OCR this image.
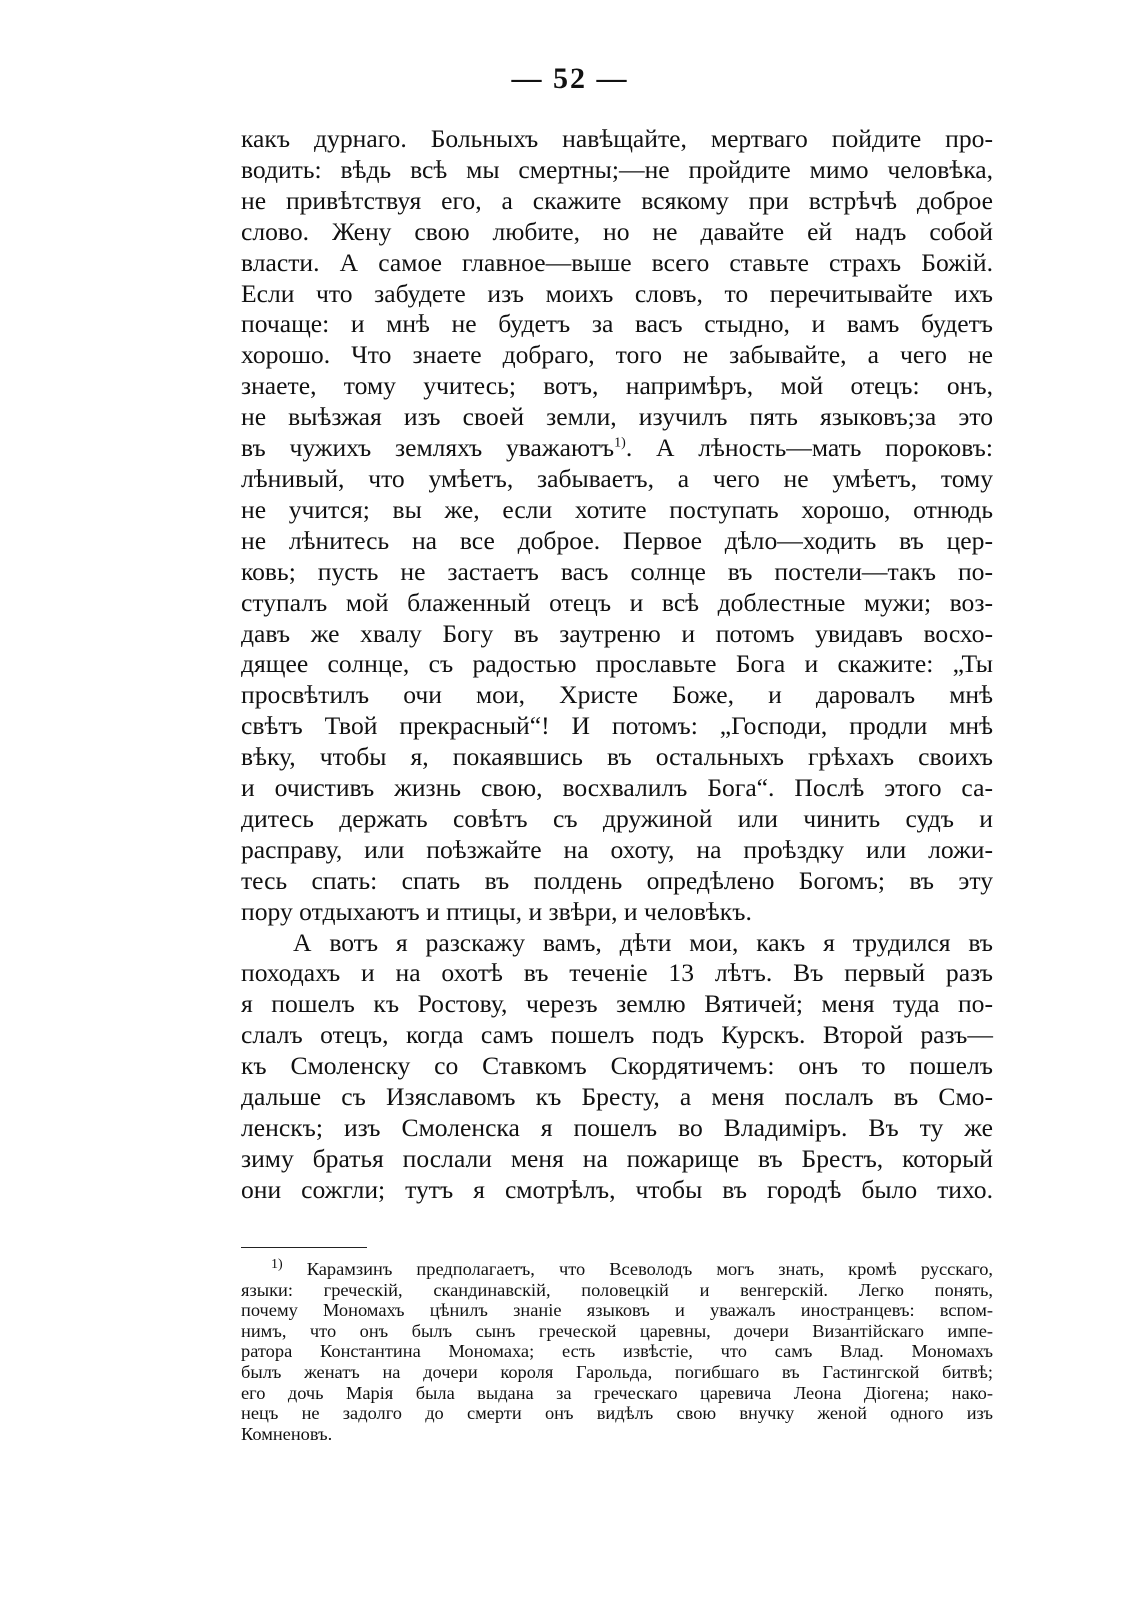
— 52 —
какъ дурнаго. Больныхъ навѣщайте, мертваго пойдите про-
водить: вѣдь всѣ мы смертны;—не пройдите мимо человѣка,
не привѣтствуя его, а скажите всякому при встрѣчѣ доброе
слово. Жену свою любите, но не давайте ей надъ собой
власти. А самое главное—выше всего ставьте страхъ Божій.
Если что забудете изъ моихъ словъ, то перечитывайте ихъ
почаще: и мнѣ не будетъ за васъ стыдно, и вамъ будетъ
хорошо. Что знаете добраго, того не забывайте, а чего не
знаете, тому учитесь; вотъ, напримѣръ, мой отецъ: онъ,
не выѣзжая изъ своей земли, изучилъ пять языковъ;за это
въ чужихъ земляхъ уважаютъ$^{1)}$. А лѣность—мать пороковъ:
лѣнивый, что умѣетъ, забываетъ, а чего не умѣетъ, тому
не учится; вы же, если хотите поступать хорошо, отнюдь
не лѣнитесь на все доброе. Первое дѣло—ходить въ цер-
ковь; пусть не застаетъ васъ солнце въ постели—такъ по-
ступалъ мой блаженный отецъ и всѣ доблестные мужи; воз-
давъ же хвалу Богу въ заутреню и потомъ увидавъ восхо-
дящее солнце, съ радостью прославьте Бога и скажите: „Ты
просвѣтилъ очи мои, Христе Боже, и даровалъ мнѣ
свѣтъ Твой прекрасный“! И потомъ: „Господи, продли мнѣ
вѣку, чтобы я, покаявшись въ остальныхъ грѣхахъ своихъ
и очистивъ жизнь свою, восхвалилъ Бога“. Послѣ этого са-
дитесь держать совѣтъ съ дружиной или чинить судъ и
расправу, или поѣзжайте на охоту, на проѣздку или ложи-
тесь спать: спать въ полдень опредѣлено Богомъ; въ эту
пору отдыхаютъ и птицы, и звѣри, и человѣкъ.
А вотъ я разскажу вамъ, дѣти мои, какъ я трудился въ
походахъ и на охотѣ въ теченіе 13 лѣтъ. Въ первый разъ
я пошелъ къ Ростову, черезъ землю Вятичей; меня туда по-
слалъ отецъ, когда самъ пошелъ подъ Курскъ. Второй разъ—
къ Смоленску со Ставкомъ Скордятичемъ: онъ то пошелъ
дальше съ Изяславомъ къ Бресту, а меня послалъ въ Смо-
ленскъ; изъ Смоленска я пошелъ во Владиміръ. Въ ту же
зиму братья послали меня на пожарище въ Брестъ, который
они сожгли; тутъ я смотрѣлъ, чтобы въ городѣ было тихо.
$^{1)}$ Карамзинъ предполагаетъ, что Всеволодъ могъ знать, кромѣ русскаго,
языки: греческій, скандинавскій, половецкій и венгерскій. Легко понять,
почему Мономахъ цѣнилъ знаніе языковъ и уважалъ иностранцевъ: вспом-
нимъ, что онъ былъ сынъ греческой царевны, дочери Византійскаго импе-
ратора Константина Мономаха; есть извѣстіе, что самъ Влад. Мономахъ
былъ женатъ на дочери короля Гарольда, погибшаго въ Гастингской битвѣ;
его дочь Марія была выдана за греческаго царевича Леона Діогена; нако-
нецъ не задолго до смерти онъ видѣлъ свою внучку женой одного изъ
Комненовъ.
